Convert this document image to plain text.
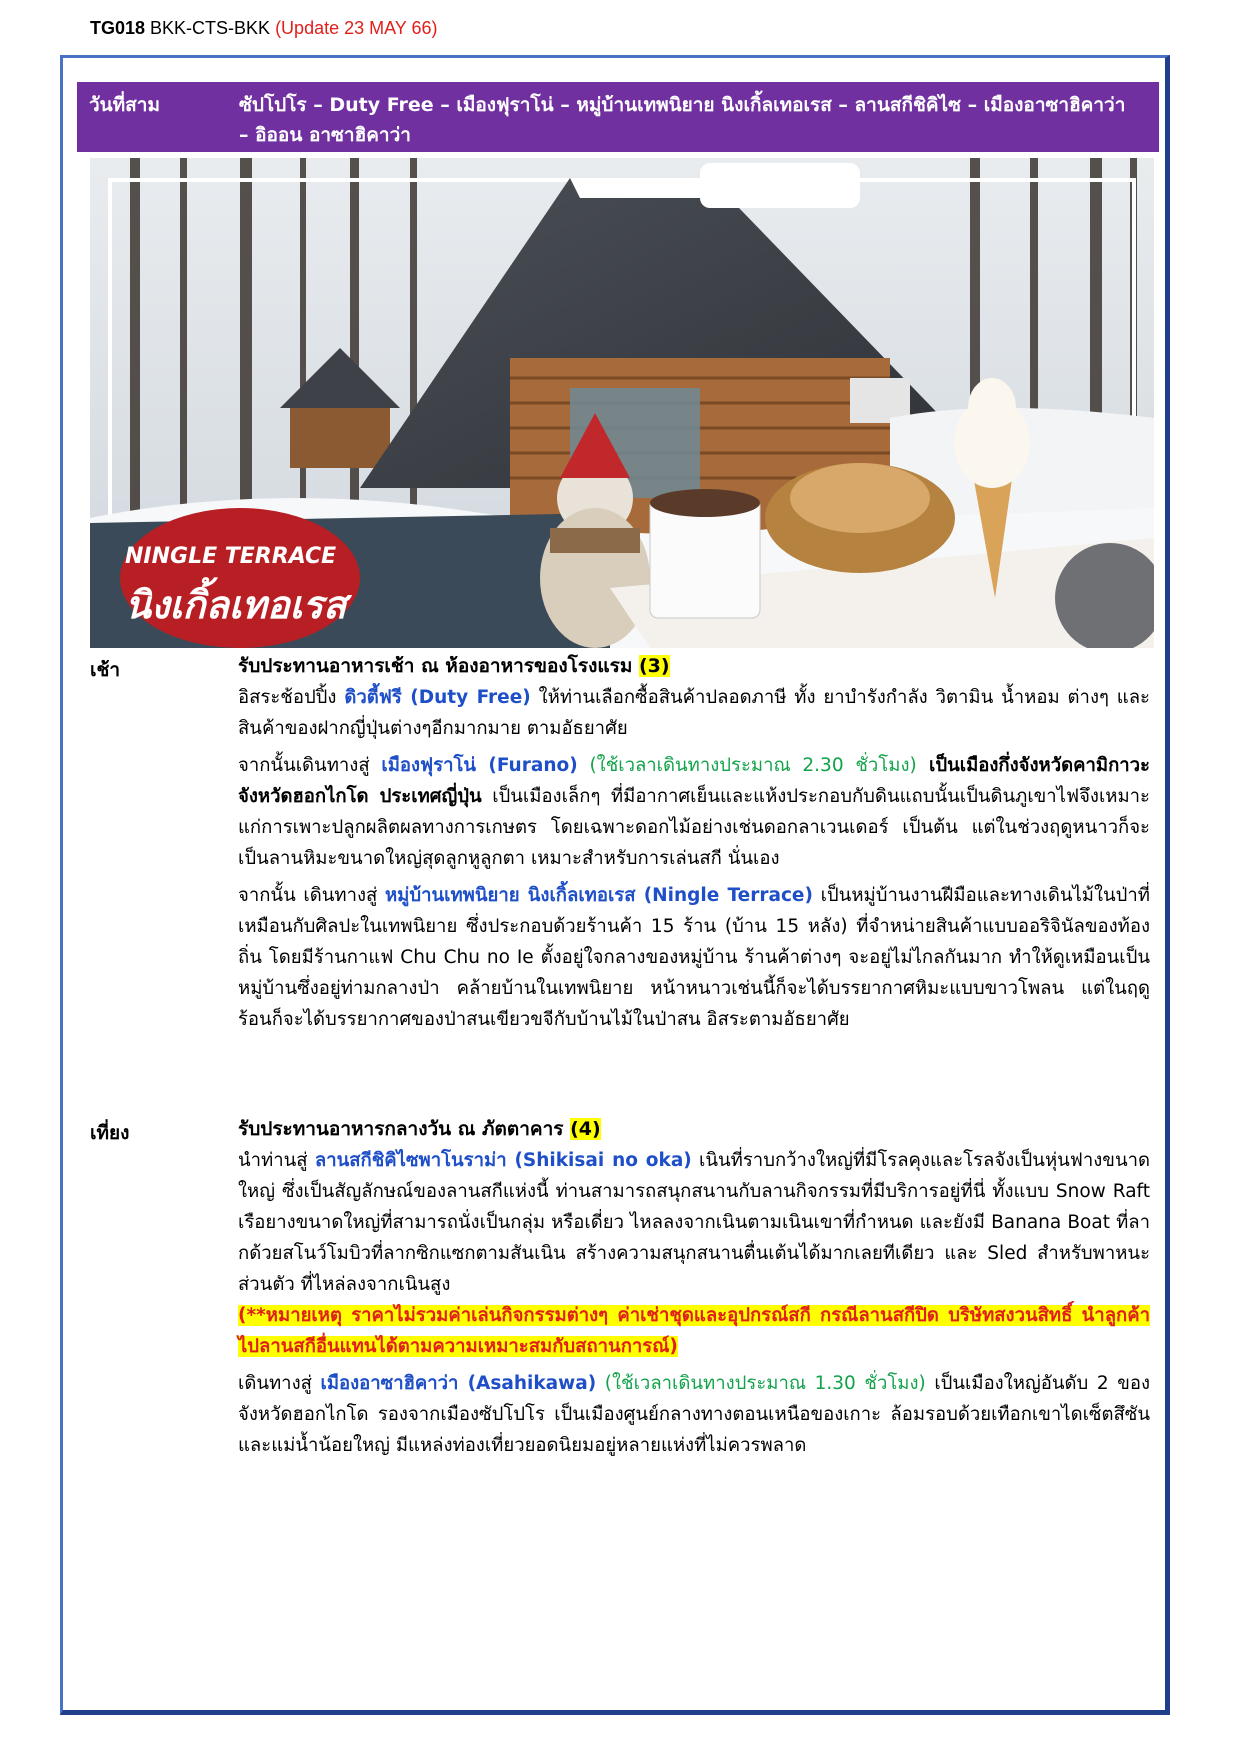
TG018 BKK-CTS-BKK (Update 23 MAY 66)
วันที่สาม	ซัปโปโร – Duty Free – เมืองฟุราโน่ – หมู่บ้านเทพนิยาย นิงเกิ้ลเทอเรส – ลานสกีชิคิไซ – เมืองอาซาฮิคาว่า – อิออน อาซาฮิคาว่า
NINGLE TERRACE
นิงเกิ้ลเทอเรส
เช้า	รับประทานอาหารเช้า ณ ห้องอาหารของโรงแรม (3)

อิสระช้อปปิ้ง ดิวตี้ฟรี (Duty Free) ให้ท่านเลือกซื้อสินค้าปลอดภาษี ทั้ง ยาบำรังกำลัง วิตามิน น้ำหอม ต่างๆ และสินค้าของฝากญี่ปุ่นต่างๆอีกมากมาย ตามอัธยาศัย

จากนั้นเดินทางสู่ เมืองฟุราโน่ (Furano) (ใช้เวลาเดินทางประมาณ 2.30 ชั่วโมง) เป็นเมืองกึ่งจังหวัดคามิกาวะ จังหวัดฮอกไกโด ประเทศญี่ปุ่น เป็นเมืองเล็กๆ ที่มีอากาศเย็นและแห้งประกอบกับดินแถบนั้นเป็นดินภูเขาไฟจึงเหมาะแก่การเพาะปลูกผลิตผลทางการเกษตร โดยเฉพาะดอกไม้อย่างเช่นดอกลาเวนเดอร์ เป็นต้น แต่ในช่วงฤดูหนาวก็จะเป็นลานหิมะขนาดใหญ่สุดลูกหูลูกตา เหมาะสำหรับการเล่นสกี นั่นเอง

จากนั้น เดินทางสู่ หมู่บ้านเทพนิยาย นิงเกิ้ลเทอเรส (Ningle Terrace) เป็นหมู่บ้านงานฝีมือและทางเดินไม้ในป่าที่เหมือนกับศิลปะในเทพนิยาย ซึ่งประกอบด้วยร้านค้า 15 ร้าน (บ้าน 15 หลัง) ที่จำหน่ายสินค้าแบบออริจินัลของท้องถิ่น โดยมีร้านกาแฟ Chu Chu no Ie ตั้งอยู่ใจกลางของหมู่บ้าน ร้านค้าต่างๆ จะอยู่ไม่ไกลกันมาก ทำให้ดูเหมือนเป็นหมู่บ้านซึ่งอยู่ท่ามกลางป่า คล้ายบ้านในเทพนิยาย หน้าหนาวเช่นนี้ก็จะได้บรรยากาศหิมะแบบขาวโพลน แต่ในฤดูร้อนก็จะได้บรรยากาศของป่าสนเขียวขจีกับบ้านไม้ในป่าสน อิสระตามอัธยาศัย

เที่ยง	รับประทานอาหารกลางวัน ณ ภัตตาคาร (4)

นำท่านสู่ ลานสกีชิคิไซพาโนราม่า (Shikisai no oka) เนินที่ราบกว้างใหญ่ที่มีโรลคุงและโรลจังเป็นหุ่นฟางขนาดใหญ่ ซึ่งเป็นสัญลักษณ์ของลานสกีแห่งนี้ ท่านสามารถสนุกสนานกับลานกิจกรรมที่มีบริการอยู่ที่นี่ ทั้งแบบ Snow Raft เรือยางขนาดใหญ่ที่สามารถนั่งเป็นกลุ่ม หรือเดี่ยว ไหลลงจากเนินตามเนินเขาที่กำหนด และยังมี Banana Boat ที่ลากด้วยสโนว์โมบิวที่ลากซิกแซกตามสันเนิน สร้างความสนุกสนานตื่นเต้นได้มากเลยทีเดียว และ Sled สำหรับพาหนะส่วนตัว ที่ไหล่ลงจากเนินสูง
(**หมายเหตุ ราคาไม่รวมค่าเล่นกิจกรรมต่างๆ ค่าเช่าชุดและอุปกรณ์สกี กรณีลานสกีปิด บริษัทสงวนสิทธิ์ นำลูกค้าไปลานสกีอื่นแทนได้ตามความเหมาะสมกับสถานการณ์)

เดินทางสู่ เมืองอาซาฮิคาว่า (Asahikawa) (ใช้เวลาเดินทางประมาณ 1.30 ชั่วโมง) เป็นเมืองใหญ่อันดับ 2 ของจังหวัดฮอกไกโด รองจากเมืองซัปโปโร เป็นเมืองศูนย์กลางทางตอนเหนือของเกาะ ล้อมรอบด้วยเทือกเขาไดเซ็ตสึซันและแม่น้ำน้อยใหญ่ มีแหล่งท่องเที่ยวยอดนิยมอยู่หลายแห่งที่ไม่ควรพลาด
